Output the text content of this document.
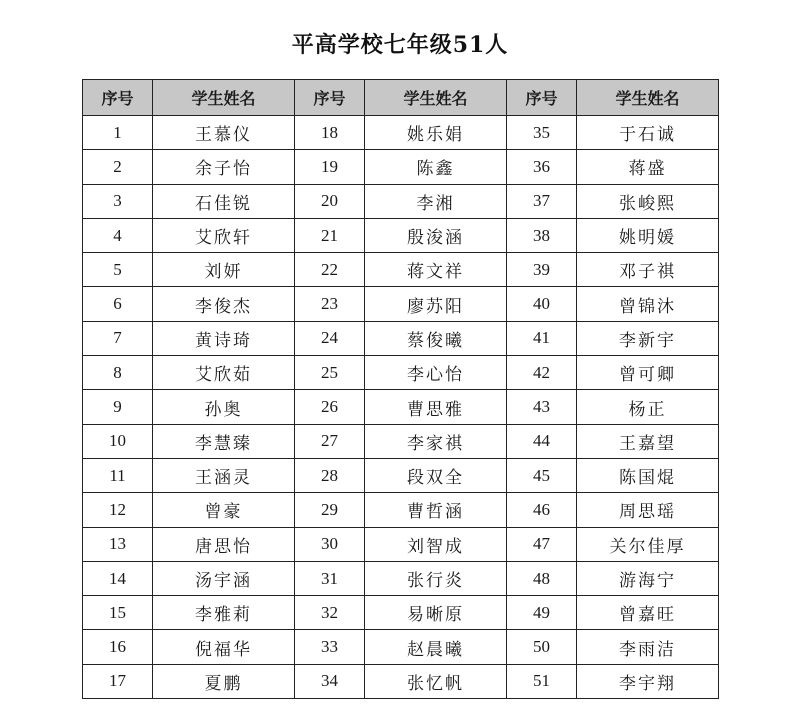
平高学校七年级51人
序号	学生姓名	序号	学生姓名	序号	学生姓名
1	王慕仪	18	姚乐娟	35	于石诚
2	余子怡	19	陈鑫	36	蒋盛
3	石佳锐	20	李湘	37	张峻熙
4	艾欣轩	21	殷浚涵	38	姚明媛
5	刘妍	22	蒋文祥	39	邓子祺
6	李俊杰	23	廖苏阳	40	曾锦沐
7	黄诗琦	24	蔡俊曦	41	李新宇
8	艾欣茹	25	李心怡	42	曾可卿
9	孙奥	26	曹思雅	43	杨正
10	李慧臻	27	李家祺	44	王嘉望
11	王涵灵	28	段双全	45	陈国焜
12	曾豪	29	曹哲涵	46	周思瑶
13	唐思怡	30	刘智成	47	关尔佳厚
14	汤宇涵	31	张行炎	48	游海宁
15	李雅莉	32	易晰原	49	曾嘉旺
16	倪福华	33	赵晨曦	50	李雨洁
17	夏鹏	34	张忆帆	51	李宇翔
